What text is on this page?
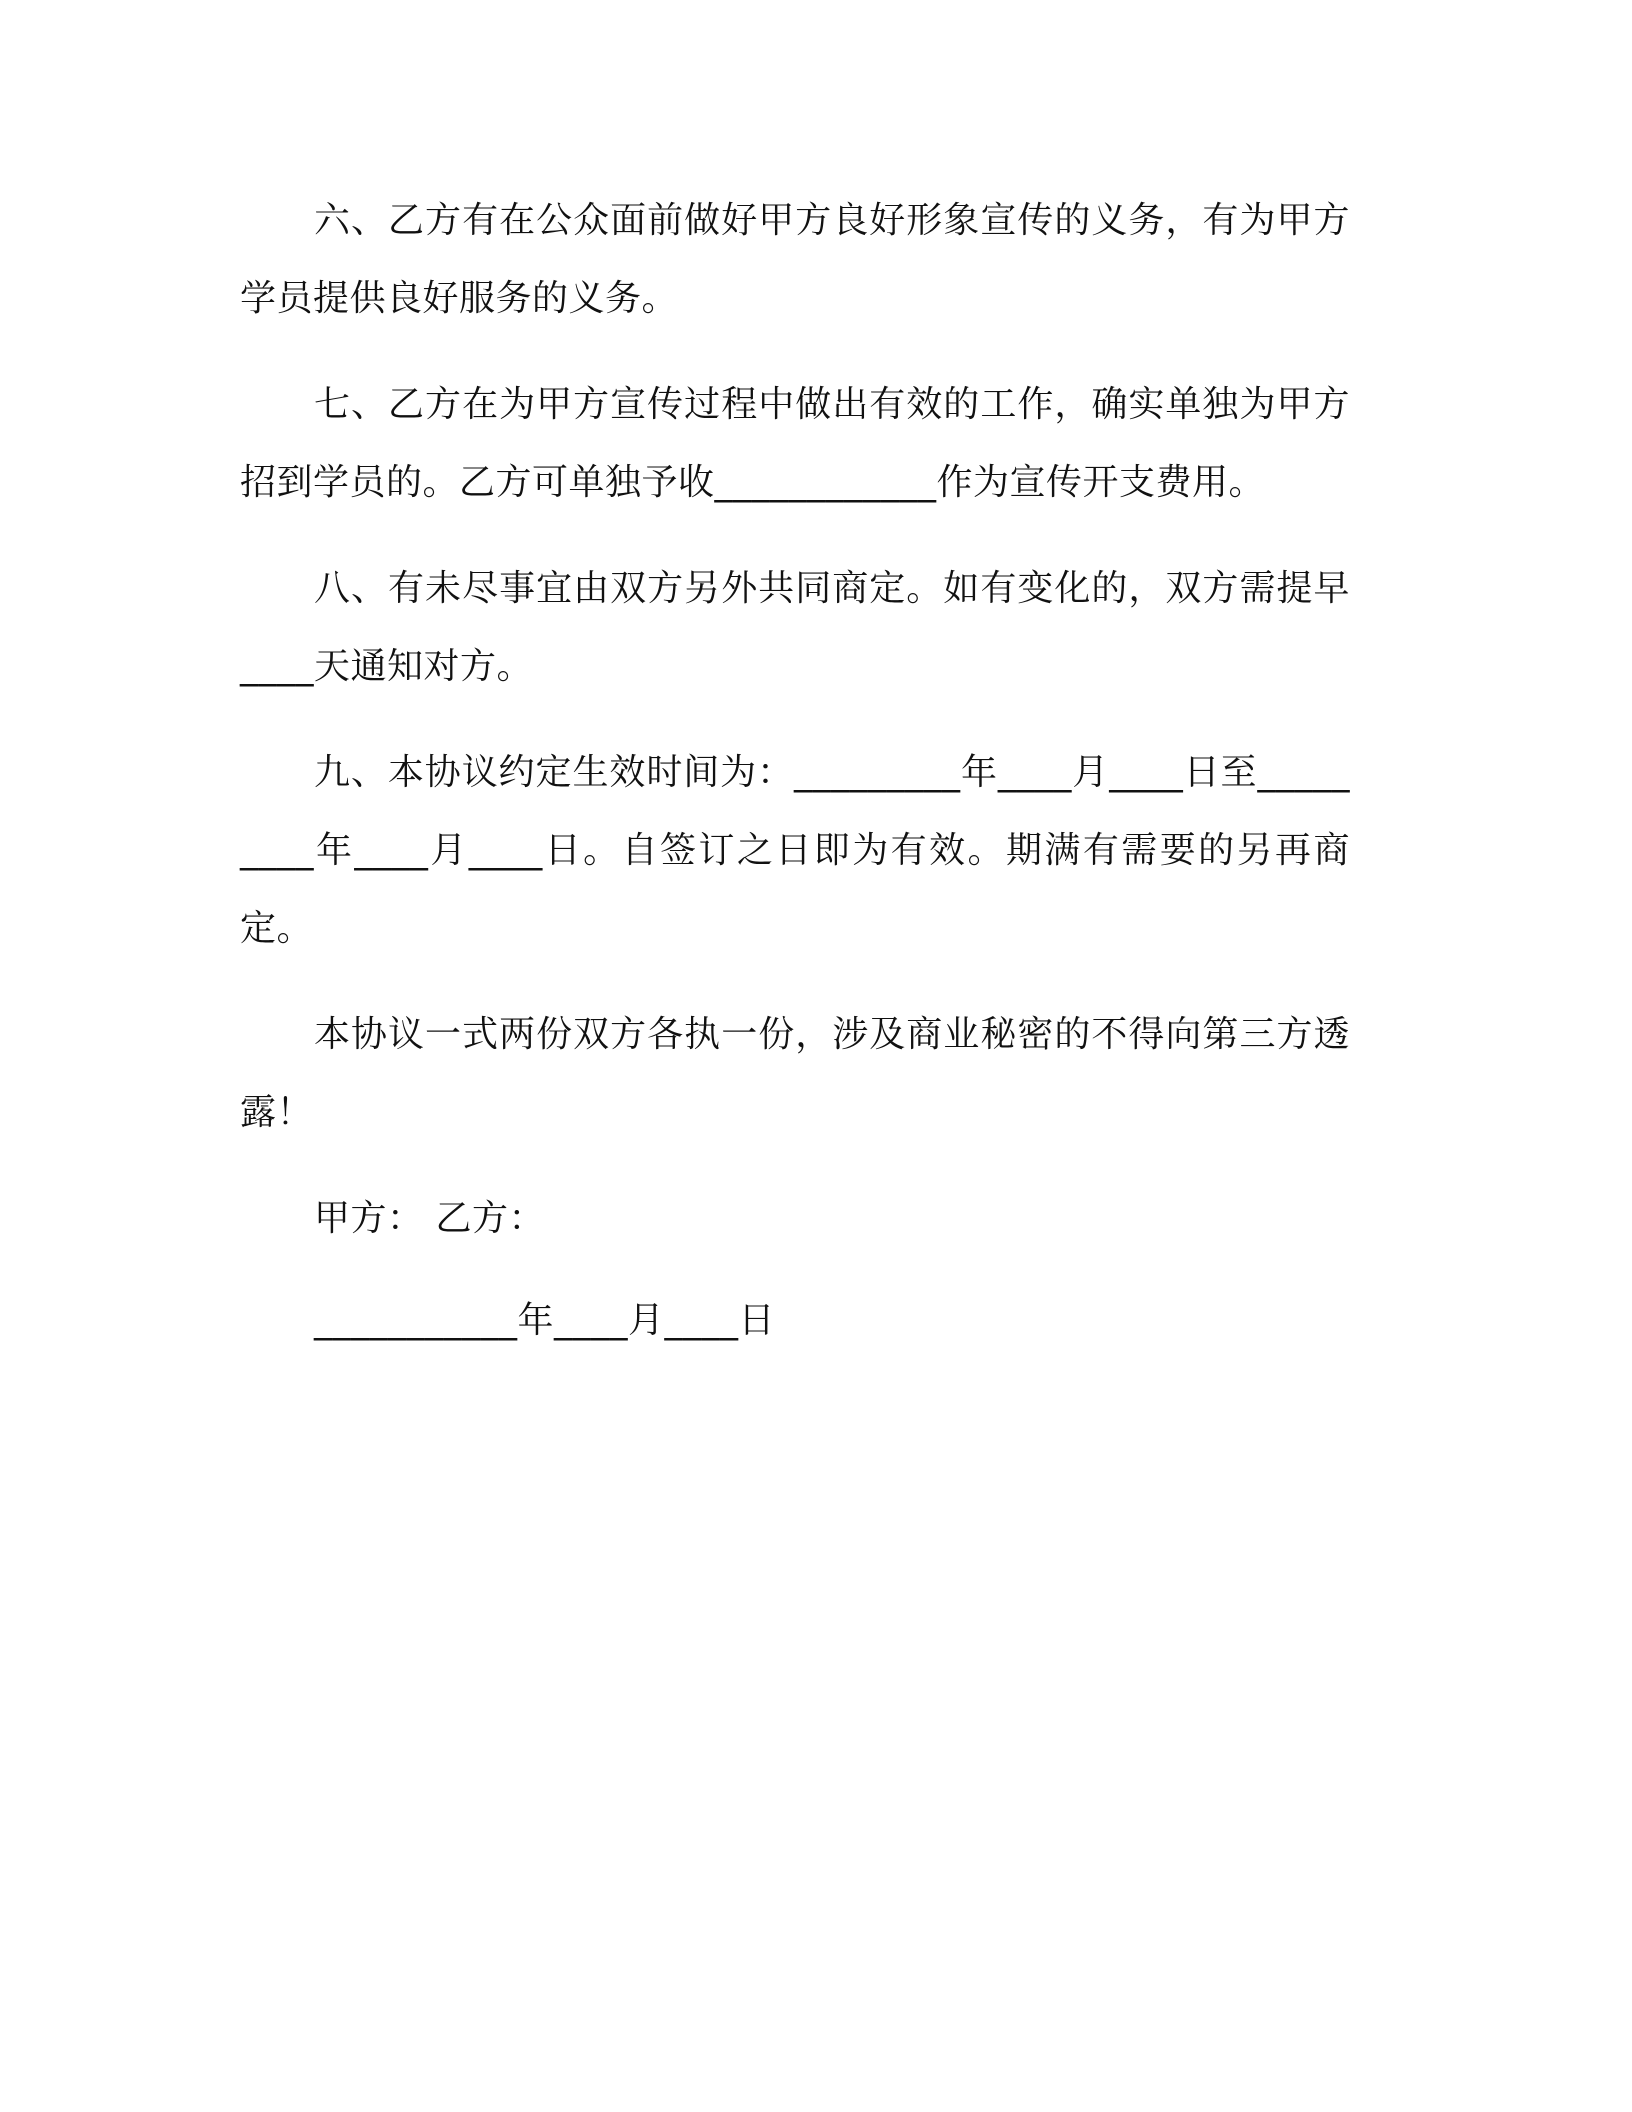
六、乙方有在公众面前做好甲方良好形象宣传的义务，有为甲方学员提供良好服务的义务。

七、乙方在为甲方宣传过程中做出有效的工作，确实单独为甲方招到学员的。乙方可单独予收____________作为宣传开支费用。

八、有未尽事宜由双方另外共同商定。如有变化的，双方需提早____天通知对方。

九、本协议约定生效时间为：_________年____月____日至_________年____月____日。自签订之日即为有效。期满有需要的另再商定。

本协议一式两份双方各执一份，涉及商业秘密的不得向第三方透露！

甲方： 乙方：

___________年____月____日
